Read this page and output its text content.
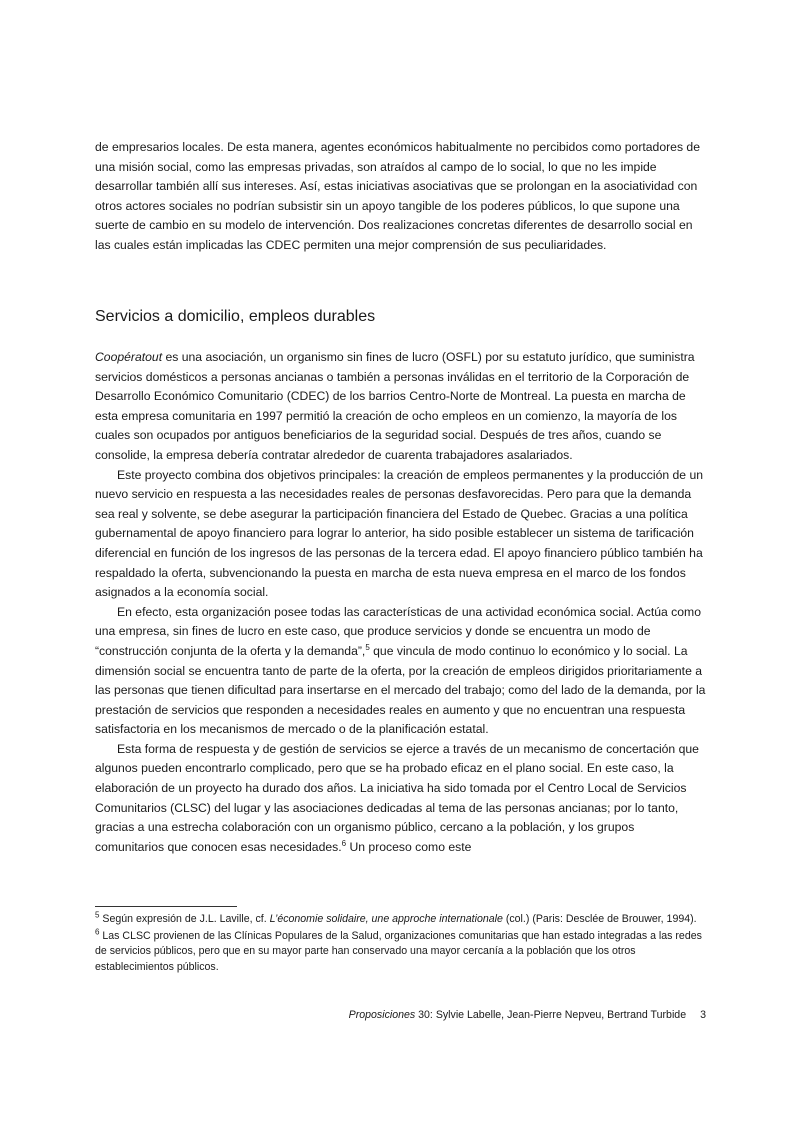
de empresarios locales. De esta manera, agentes económicos habitualmente no percibidos como portadores de una misión social, como las empresas privadas, son atraídos al campo de lo social, lo que no les impide desarrollar también allí sus intereses. Así, estas iniciativas asociativas que se prolongan en la asociatividad con otros actores sociales no podrían subsistir sin un apoyo tangible de los poderes públicos, lo que supone una suerte de cambio en su modelo de intervención. Dos realizaciones concretas diferentes de desarrollo social en las cuales están implicadas las CDEC permiten una mejor comprensión de sus peculiaridades.
Servicios a domicilio, empleos durables

Coopératout es una asociación, un organismo sin fines de lucro (OSFL) por su estatuto jurídico, que suministra servicios domésticos a personas ancianas o también a personas inválidas en el territorio de la Corporación de Desarrollo Económico Comunitario (CDEC) de los barrios Centro-Norte de Montreal. La puesta en marcha de esta empresa comunitaria en 1997 permitió la creación de ocho empleos en un comienzo, la mayoría de los cuales son ocupados por antiguos beneficiarios de la seguridad social. Después de tres años, cuando se consolide, la empresa debería contratar alrededor de cuarenta trabajadores asalariados.

Este proyecto combina dos objetivos principales: la creación de empleos permanentes y la producción de un nuevo servicio en respuesta a las necesidades reales de personas desfavorecidas. Pero para que la demanda sea real y solvente, se debe asegurar la participación financiera del Estado de Quebec. Gracias a una política gubernamental de apoyo financiero para lograr lo anterior, ha sido posible establecer un sistema de tarificación diferencial en función de los ingresos de las personas de la tercera edad. El apoyo financiero público también ha respaldado la oferta, subvencionando la puesta en marcha de esta nueva empresa en el marco de los fondos asignados a la economía social.

En efecto, esta organización posee todas las características de una actividad económica social. Actúa como una empresa, sin fines de lucro en este caso, que produce servicios y donde se encuentra un modo de “construcción conjunta de la oferta y la demanda”,$^5$ que vincula de modo continuo lo económico y lo social. La dimensión social se encuentra tanto de parte de la oferta, por la creación de empleos dirigidos prioritariamente a las personas que tienen dificultad para insertarse en el mercado del trabajo; como del lado de la demanda, por la prestación de servicios que responden a necesidades reales en aumento y que no encuentran una respuesta satisfactoria en los mecanismos de mercado o de la planificación estatal.

Esta forma de respuesta y de gestión de servicios se ejerce a través de un mecanismo de concertación que algunos pueden encontrarlo complicado, pero que se ha probado eficaz en el plano social. En este caso, la elaboración de un proyecto ha durado dos años. La iniciativa ha sido tomada por el Centro Local de Servicios Comunitarios (CLSC) del lugar y las asociaciones dedicadas al tema de las personas ancianas; por lo tanto, gracias a una estrecha colaboración con un organismo público, cercano a la población, y los grupos comunitarios que conocen esas necesidades.$^6$ Un proceso como este

$^5$ Según expresión de J.L. Laville, cf. L’économie solidaire, une approche internationale (col.) (Paris: Desclée de Brouwer, 1994).

$^6$ Las CLSC provienen de las Clínicas Populares de la Salud, organizaciones comunitarias que han estado integradas a las redes de servicios públicos, pero que en su mayor parte han conservado una mayor cercanía a la población que los otros establecimientos públicos.

Proposiciones 30: Sylvie Labelle, Jean-Pierre Nepveu, Bertrand Turbide 3
